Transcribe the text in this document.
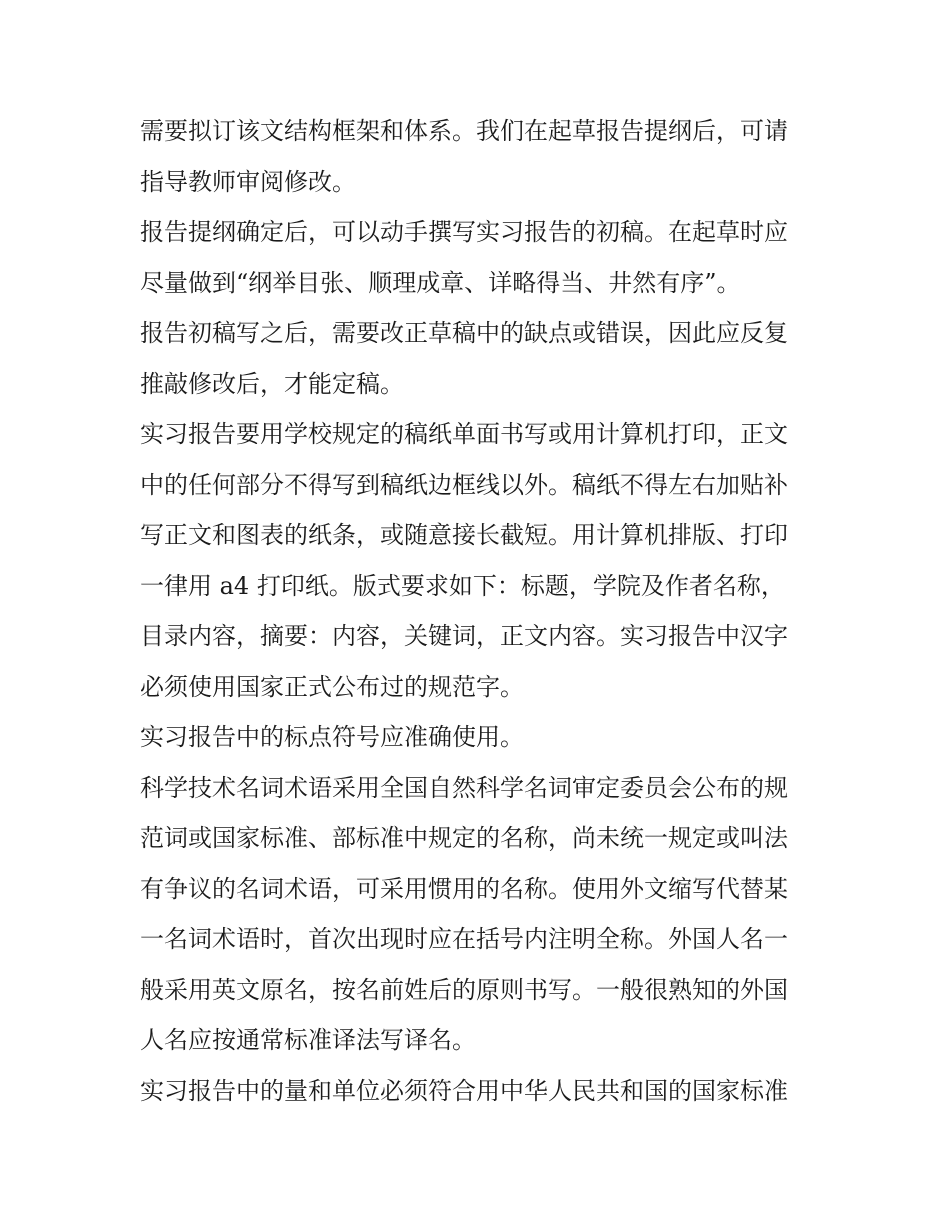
需要拟订该文结构框架和体系。我们在起草报告提纲后，可请
指导教师审阅修改。

报告提纲确定后，可以动手撰写实习报告的初稿。在起草时应
尽量做到“纲举目张、顺理成章、详略得当、井然有序”。

报告初稿写之后，需要改正草稿中的缺点或错误，因此应反复
推敲修改后，才能定稿。

实习报告要用学校规定的稿纸单面书写或用计算机打印，正文
中的任何部分不得写到稿纸边框线以外。稿纸不得左右加贴补
写正文和图表的纸条，或随意接长截短。用计算机排版、打印
一律用 a4 打印纸。版式要求如下：标题，学院及作者名称，
目录内容，摘要：内容，关键词，正文内容。实习报告中汉字
必须使用国家正式公布过的规范字。

实习报告中的标点符号应准确使用。

科学技术名词术语采用全国自然科学名词审定委员会公布的规
范词或国家标准、部标准中规定的名称，尚未统一规定或叫法
有争议的名词术语，可采用惯用的名称。使用外文缩写代替某
一名词术语时，首次出现时应在括号内注明全称。外国人名一
般采用英文原名，按名前姓后的原则书写。一般很熟知的外国
人名应按通常标准译法写译名。

实习报告中的量和单位必须符合用中华人民共和国的国家标准
